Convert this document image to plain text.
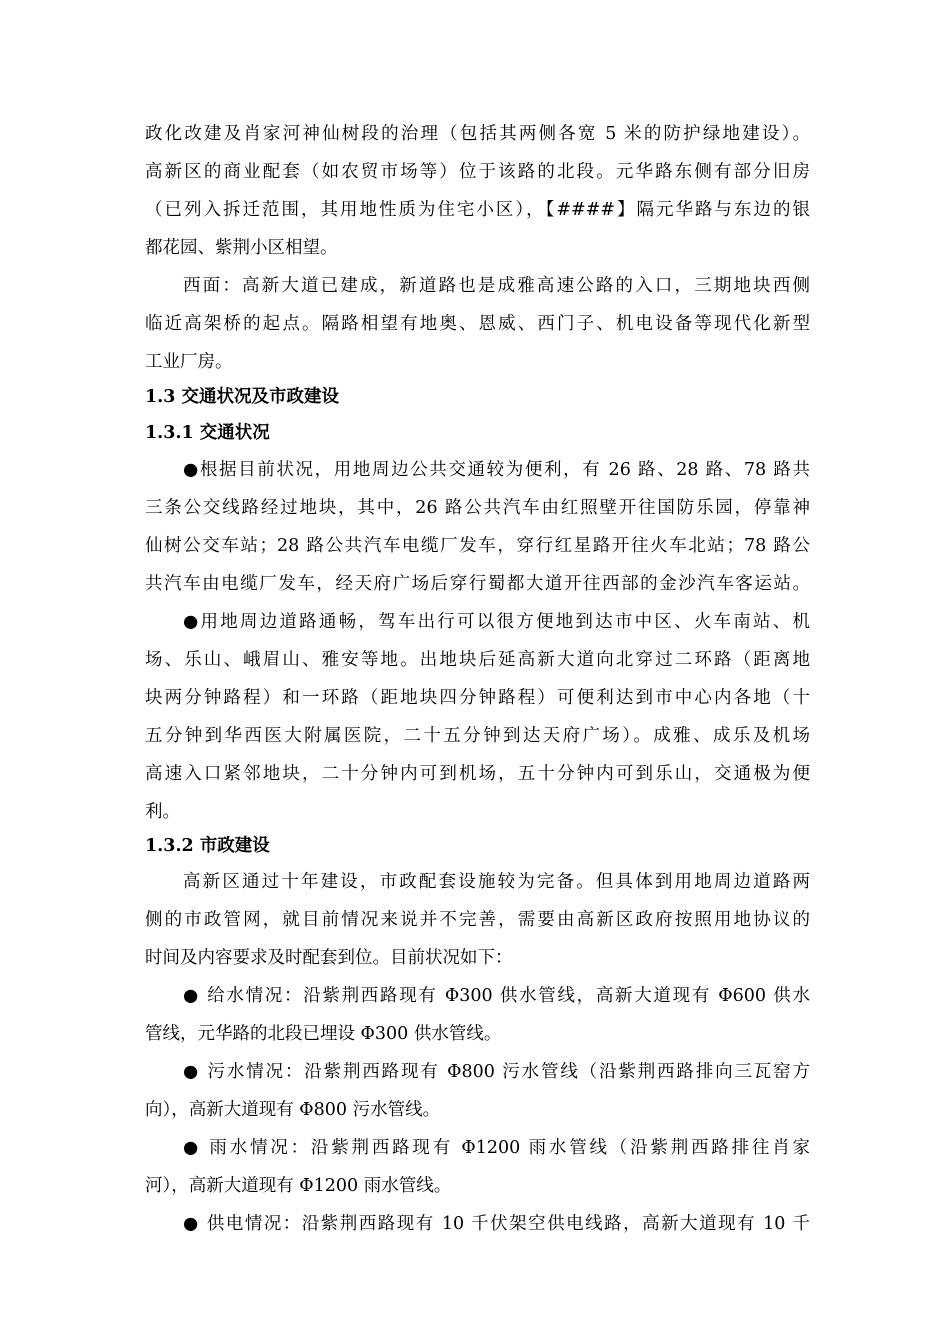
政化改建及肖家河神仙树段的治理（包括其两侧各宽 5 米的防护绿地建设）。
高新区的商业配套（如农贸市场等）位于该路的北段。元华路东侧有部分旧房
（已列入拆迁范围，其用地性质为住宅小区），【####】隔元华路与东边的银
都花园、紫荆小区相望。
西面：高新大道已建成，新道路也是成雅高速公路的入口，三期地块西侧
临近高架桥的起点。隔路相望有地奥、恩威、西门子、机电设备等现代化新型
工业厂房。
1.3 交通状况及市政建设
1.3.1 交通状况
●根据目前状况，用地周边公共交通较为便利，有 26 路、28 路、78 路共
三条公交线路经过地块，其中，26 路公共汽车由红照壁开往国防乐园，停靠神
仙树公交车站；28 路公共汽车电缆厂发车，穿行红星路开往火车北站；78 路公
共汽车由电缆厂发车，经天府广场后穿行蜀都大道开往西部的金沙汽车客运站。
●用地周边道路通畅，驾车出行可以很方便地到达市中区、火车南站、机
场、乐山、峨眉山、雅安等地。出地块后延高新大道向北穿过二环路（距离地
块两分钟路程）和一环路（距地块四分钟路程）可便利达到市中心内各地（十
五分钟到华西医大附属医院，二十五分钟到达天府广场）。成雅、成乐及机场
高速入口紧邻地块，二十分钟内可到机场，五十分钟内可到乐山，交通极为便
利。
1.3.2 市政建设
高新区通过十年建设，市政配套设施较为完备。但具体到用地周边道路两
侧的市政管网，就目前情况来说并不完善，需要由高新区政府按照用地协议的
时间及内容要求及时配套到位。目前状况如下：
● 给水情况：沿紫荆西路现有 Φ300 供水管线，高新大道现有 Φ600 供水
管线，元华路的北段已埋设 Φ300 供水管线。
● 污水情况：沿紫荆西路现有 Φ800 污水管线（沿紫荆西路排向三瓦窑方
向），高新大道现有 Φ800 污水管线。
● 雨水情况：沿紫荆西路现有 Φ1200 雨水管线（沿紫荆西路排往肖家
河），高新大道现有 Φ1200 雨水管线。
● 供电情况：沿紫荆西路现有 10 千伏架空供电线路，高新大道现有 10 千
